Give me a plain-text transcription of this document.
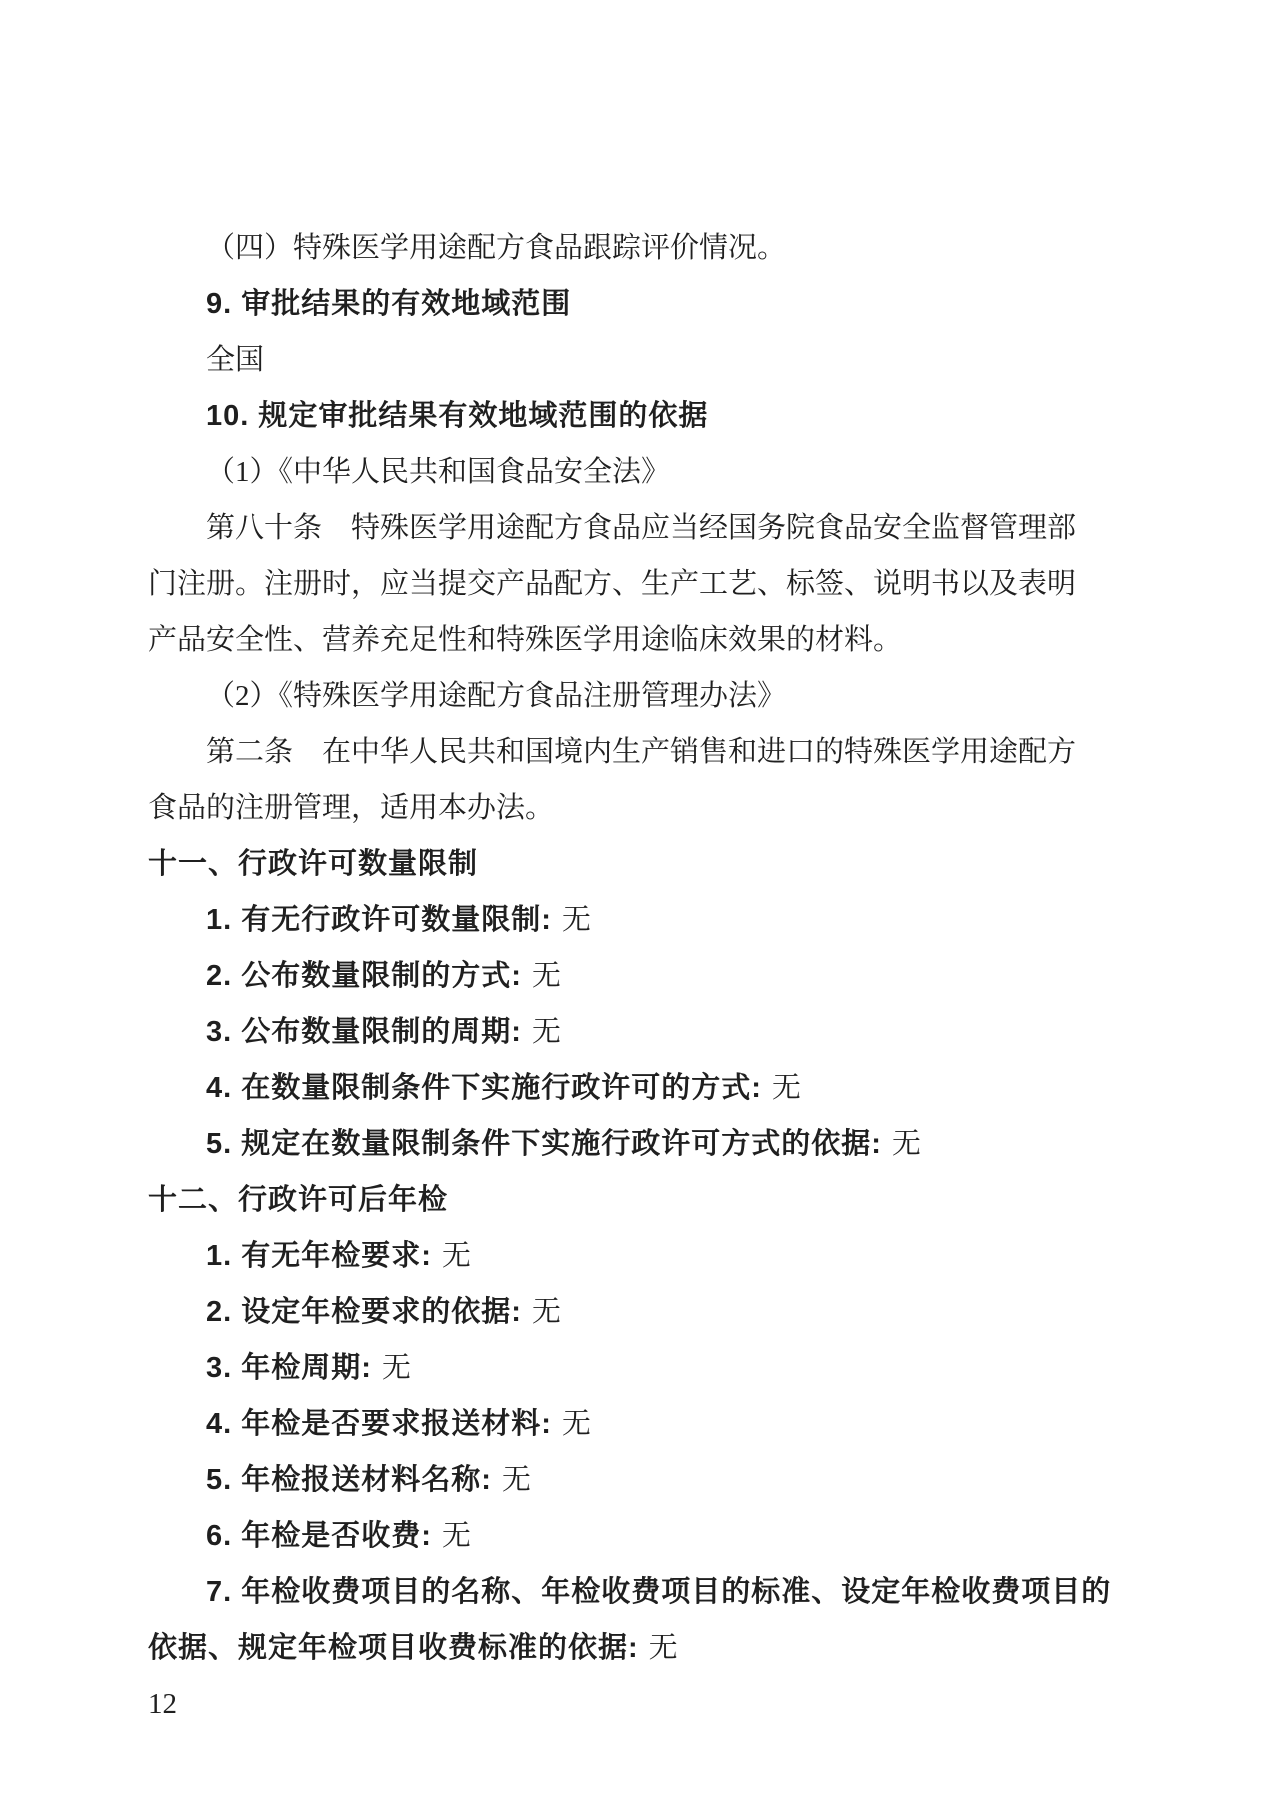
（四）特殊医学用途配方食品跟踪评价情况。
9. 审批结果的有效地域范围
全国
10. 规定审批结果有效地域范围的依据
（1）《中华人民共和国食品安全法》
第八十条　特殊医学用途配方食品应当经国务院食品安全监督管理部
门注册。注册时，应当提交产品配方、生产工艺、标签、说明书以及表明
产品安全性、营养充足性和特殊医学用途临床效果的材料。
（2）《特殊医学用途配方食品注册管理办法》
第二条　在中华人民共和国境内生产销售和进口的特殊医学用途配方
食品的注册管理，适用本办法。
十一、行政许可数量限制
1. 有无行政许可数量限制: 无
2. 公布数量限制的方式: 无
3. 公布数量限制的周期: 无
4. 在数量限制条件下实施行政许可的方式: 无
5. 规定在数量限制条件下实施行政许可方式的依据: 无
十二、行政许可后年检
1. 有无年检要求: 无
2. 设定年检要求的依据: 无
3. 年检周期: 无
4. 年检是否要求报送材料: 无
5. 年检报送材料名称: 无
6. 年检是否收费: 无
7. 年检收费项目的名称、年检收费项目的标准、设定年检收费项目的
依据、规定年检项目收费标准的依据: 无
12
